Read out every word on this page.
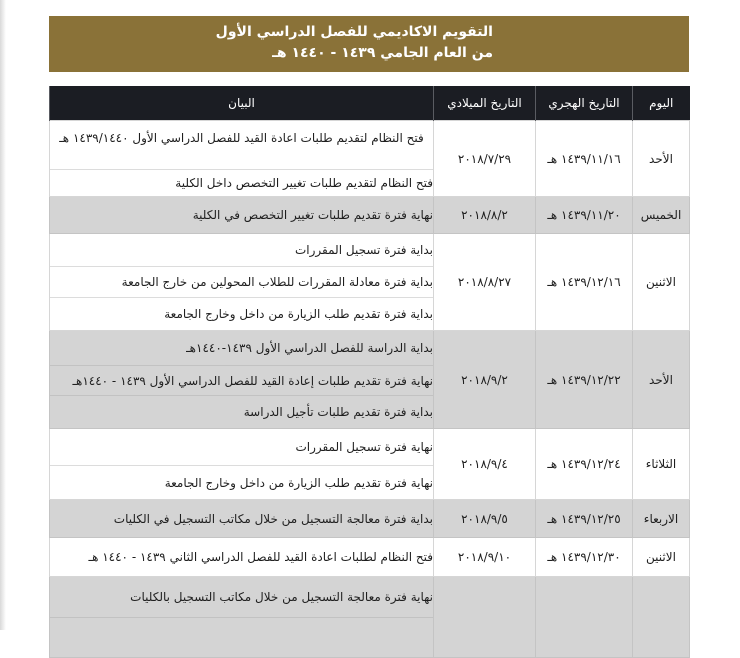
التقويم الاكاديمي للفصل الدراسي الأول
من العام الجامي ١٤٣٩ - ١٤٤٠ هـ
اليوم	التاريخ الهجري	التاريخ الميلادي	البيان
الأحد	١٤٣٩/١١/١٦ هـ	٢٠١٨/٧/٢٩	فتح النظام لتقديم طلبات اعادة القيد للفصل الدراسي الأول ١٤٣٩/١٤٤٠ هـ
فتح النظام لتقديم طلبات تغيير التخصص داخل الكلية

الخميس	١٤٣٩/١١/٢٠ هـ	٢٠١٨/٨/٢	نهاية فترة تقديم طلبات تغيير التخصص في الكلية

الاثنين	١٤٣٩/١٢/١٦ هـ	٢٠١٨/٨/٢٧	بداية فترة تسجيل المقررات
بداية فترة معادلة المقررات للطلاب المحولين من خارج الجامعة
بداية فترة تقديم طلب الزيارة من داخل وخارج الجامعة

الأحد	١٤٣٩/١٢/٢٢ هـ	٢٠١٨/٩/٢	بداية الدراسة للفصل الدراسي الأول ١٤٣٩-١٤٤٠هـ
نهاية فترة تقديم طلبات إعادة القيد للفصل الدراسي الأول ١٤٣٩ - ١٤٤٠هـ
بداية فترة تقديم طلبات تأجيل الدراسة

الثلاثاء	١٤٣٩/١٢/٢٤ هـ	٢٠١٨/٩/٤	نهاية فترة تسجيل المقررات
نهاية فترة تقديم طلب الزيارة من داخل وخارج الجامعة

الاربعاء	١٤٣٩/١٢/٢٥ هـ	٢٠١٨/٩/٥	بداية فترة معالجة التسجيل من خلال مكاتب التسجيل في الكليات

الاثنين	١٤٣٩/١٢/٣٠ هـ	٢٠١٨/٩/١٠	فتح النظام لطلبات اعادة القيد للفصل الدراسي الثاني ١٤٣٩ - ١٤٤٠ هـ

نهاية فترة معالجة التسجيل من خلال مكاتب التسجيل بالكليات
